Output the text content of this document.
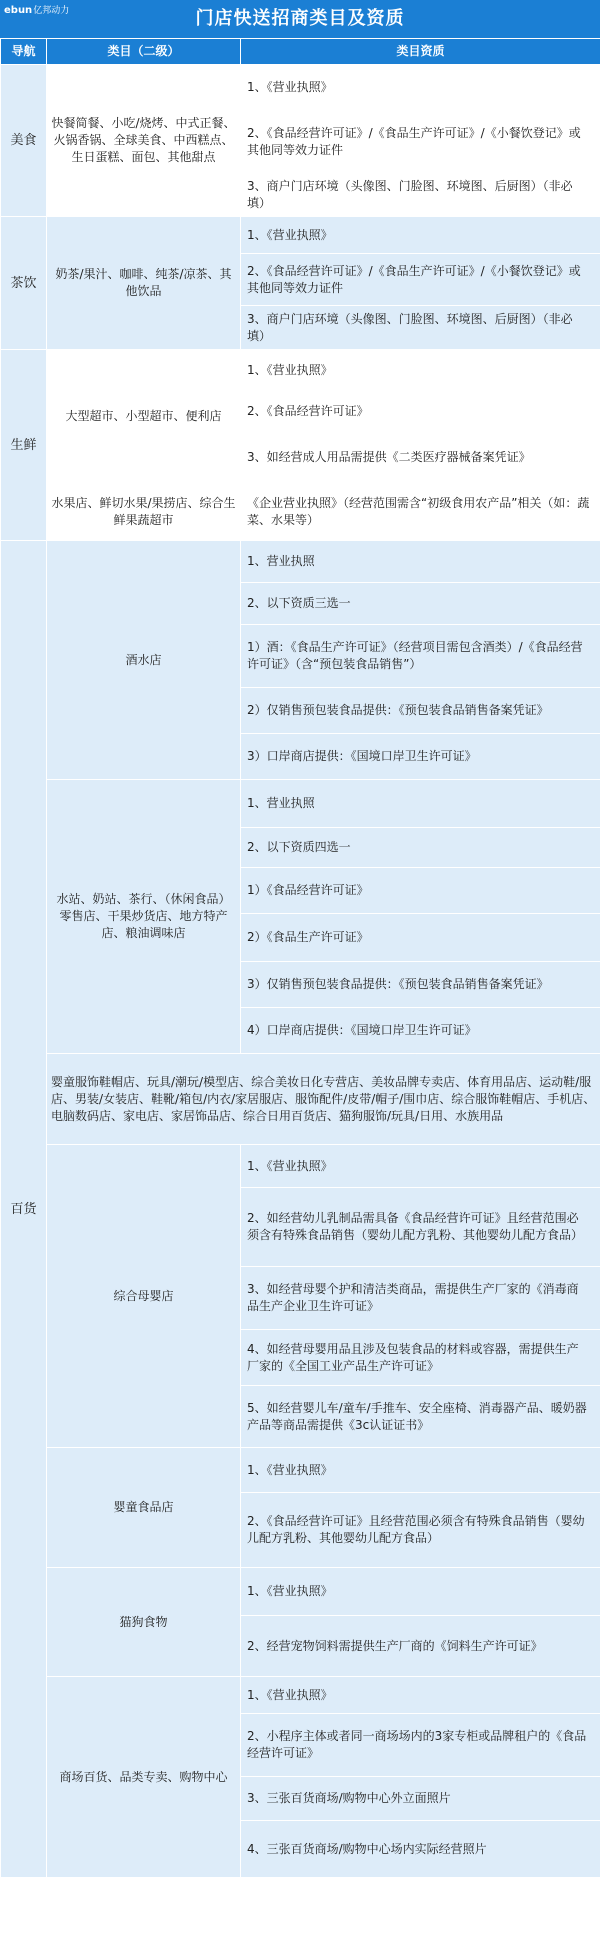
ebun亿邦动力	门店快送招商类目及资质
导航	类目（二级）	类目资质
美食	快餐简餐、小吃/烧烤、中式正餐、火锅香锅、全球美食、中西糕点、生日蛋糕、面包、其他甜点	1、《营业执照》
		2、《食品经营许可证》/《食品生产许可证》/《小餐饮登记》或其他同等效力证件
		3、商户门店环境（头像图、门脸图、环境图、后厨图）（非必填）
茶饮	奶茶/果汁、咖啡、纯茶/凉茶、其他饮品	1、《营业执照》
		2、《食品经营许可证》/《食品生产许可证》/《小餐饮登记》或其他同等效力证件
		3、商户门店环境（头像图、门脸图、环境图、后厨图）（非必填）
生鲜	大型超市、小型超市、便利店	1、《营业执照》
		2、《食品经营许可证》
		3、如经营成人用品需提供《二类医疗器械备案凭证》
	水果店、鲜切水果/果捞店、综合生鲜果蔬超市	《企业营业执照》（经营范围需含“初级食用农产品”相关（如：蔬菜、水果等）
百货	酒水店	1、营业执照
		2、以下资质三选一
		1）酒：《食品生产许可证》（经营项目需包含酒类）/《食品经营许可证》（含“预包装食品销售”）
		2）仅销售预包装食品提供：《预包装食品销售备案凭证》
		3）口岸商店提供：《国境口岸卫生许可证》
	水站、奶站、茶行、（休闲食品）零售店、干果炒货店、地方特产店、粮油调味店	1、营业执照
		2、以下资质四选一
		1）《食品经营许可证》
		2）《食品生产许可证》
		3）仅销售预包装食品提供：《预包装食品销售备案凭证》
		4）口岸商店提供：《国境口岸卫生许可证》
	婴童服饰鞋帽店、玩具/潮玩/模型店、综合美妆日化专营店、美妆品牌专卖店、体育用品店、运动鞋/服店、男装/女装店、鞋靴/箱包/内衣/家居服店、服饰配件/皮带/帽子/围巾店、综合服饰鞋帽店、手机店、电脑数码店、家电店、家居饰品店、综合日用百货店、猫狗服饰/玩具/日用、水族用品	
	综合母婴店	1、《营业执照》
		2、如经营幼儿乳制品需具备《食品经营许可证》且经营范围必须含有特殊食品销售（婴幼儿配方乳粉、其他婴幼儿配方食品）
		3、如经营母婴个护和清洁类商品，需提供生产厂家的《消毒商品生产企业卫生许可证》
		4、如经营母婴用品且涉及包装食品的材料或容器，需提供生产厂家的《全国工业产品生产许可证》
		5、如经营婴儿车/童车/手推车、安全座椅、消毒器产品、暖奶器产品等商品需提供《3c认证证书》
	婴童食品店	1、《营业执照》
		2、《食品经营许可证》且经营范围必须含有特殊食品销售（婴幼儿配方乳粉、其他婴幼儿配方食品）
	猫狗食物	1、《营业执照》
		2、经营宠物饲料需提供生产厂商的《饲料生产许可证》
	商场百货、品类专卖、购物中心	1、《营业执照》
		2、小程序主体或者同一商场场内的3家专柜或品牌租户的《食品经营许可证》
		3、三张百货商场/购物中心外立面照片
		4、三张百货商场/购物中心场内实际经营照片
